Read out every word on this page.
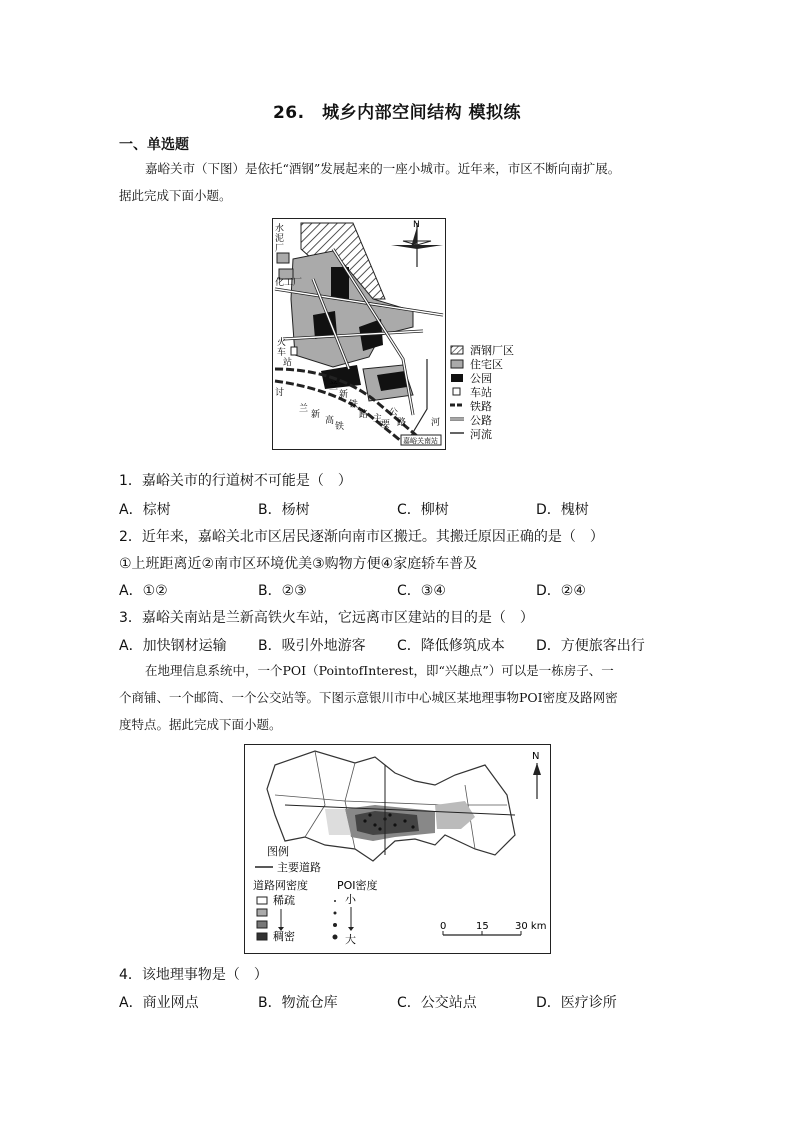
26.　城乡内部空间结构 模拟练
一、单选题
嘉峪关市（下图）是依托“酒钢”发展起来的一座小城市。近年来，市区不断向南扩展。
据此完成下面小题。
N
水
泥
厂
化工厂
火
车
站
讨
兰
新
高
铁
兰
新
铁
路 主
要
公
路	河
嘉峪关南站
酒钢厂区
住宅区
公园
车站
铁路
公路
河流
1．嘉峪关市的行道树不可能是（　）
A．棕树	B．杨树	C．柳树	D．槐树
2．近年来，嘉峪关北市区居民逐渐向南市区搬迁。其搬迁原因正确的是（　）
①上班距离近②南市区环境优美③购物方便④家庭轿车普及
A．①②	B．②③	C．③④	D．②④
3．嘉峪关南站是兰新高铁火车站，它远离市区建站的目的是（　）
A．加快钢材运输 B．吸引外地游客 C．降低修筑成本 D．方便旅客出行
在地理信息系统中，一个POI（PointofInterest，即“兴趣点”）可以是一栋房子、一
个商铺、一个邮筒、一个公交站等。下图示意银川市中心城区某地理事物POI密度及路网密
度特点。据此完成下面小题。
N
图例
主要道路
道路网密度	POI密度
稀疏
稠密
小
大
0	15	30 km
4．该地理事物是（　）
A．商业网点	B．物流仓库	C．公交站点	D．医疗诊所
